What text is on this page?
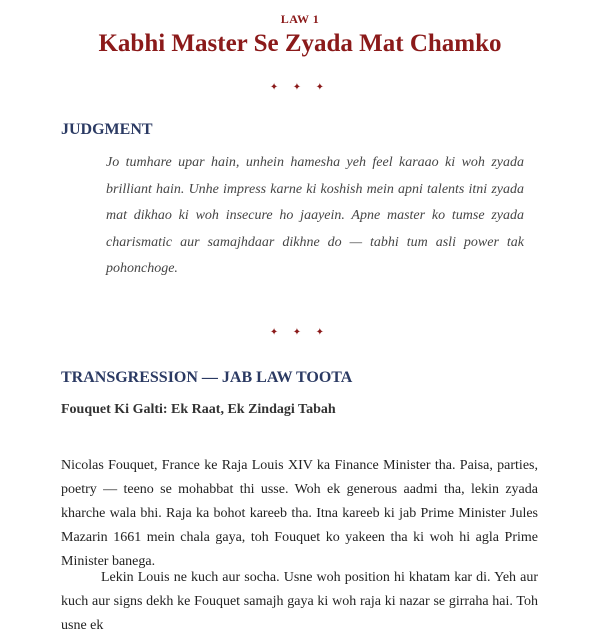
LAW 1
Kabhi Master Se Zyada Mat Chamko
✦ ✦ ✦
JUDGMENT

Jo tumhare upar hain, unhein hamesha yeh feel karaao ki woh zyada brilliant hain. Unhe impress karne ki koshish mein apni talents itni zyada mat dikhao ki woh insecure ho jaayein. Apne master ko tumse zyada charismatic aur samajhdaar dikhne do — tabhi tum asli power tak pohonchoge.

✦ ✦ ✦
TRANSGRESSION — JAB LAW TOOTA
Fouquet Ki Galti: Ek Raat, Ek Zindagi Tabah

Nicolas Fouquet, France ke Raja Louis XIV ka Finance Minister tha. Paisa, parties, poetry — teeno se mohabbat thi usse. Woh ek generous aadmi tha, lekin zyada kharche wala bhi. Raja ka bohot kareeb tha. Itna kareeb ki jab Prime Minister Jules Mazarin 1661 mein chala gaya, toh Fouquet ko yakeen tha ki woh hi agla Prime Minister banega.

Lekin Louis ne kuch aur socha. Usne woh position hi khatam kar di. Yeh aur kuch aur signs dekh ke Fouquet samajh gaya ki woh raja ki nazar se girraha hai. Toh usne ek
